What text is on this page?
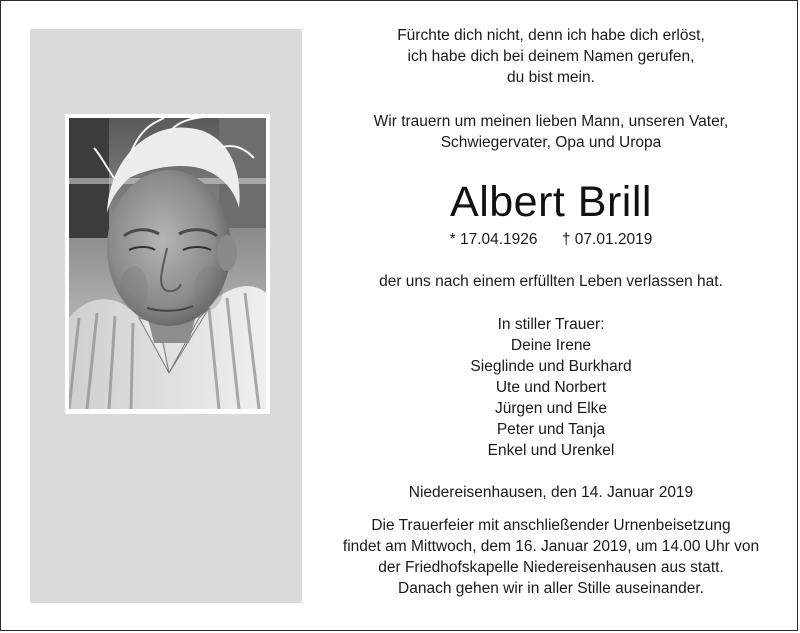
Fürchte dich nicht, denn ich habe dich erlöst,
ich habe dich bei deinem Namen gerufen,
du bist mein.
Wir trauern um meinen lieben Mann, unseren Vater,
Schwiegervater, Opa und Uropa
Albert Brill
* 17.04.1926 † 07.01.2019
der uns nach einem erfüllten Leben verlassen hat.
In stiller Trauer:
Deine Irene
Sieglinde und Burkhard
Ute und Norbert
Jürgen und Elke
Peter und Tanja
Enkel und Urenkel
Niedereisenhausen, den 14. Januar 2019
Die Trauerfeier mit anschließender Urnenbeisetzung
findet am Mittwoch, dem 16. Januar 2019, um 14.00 Uhr von
der Friedhofskapelle Niedereisenhausen aus statt.
Danach gehen wir in aller Stille auseinander.
